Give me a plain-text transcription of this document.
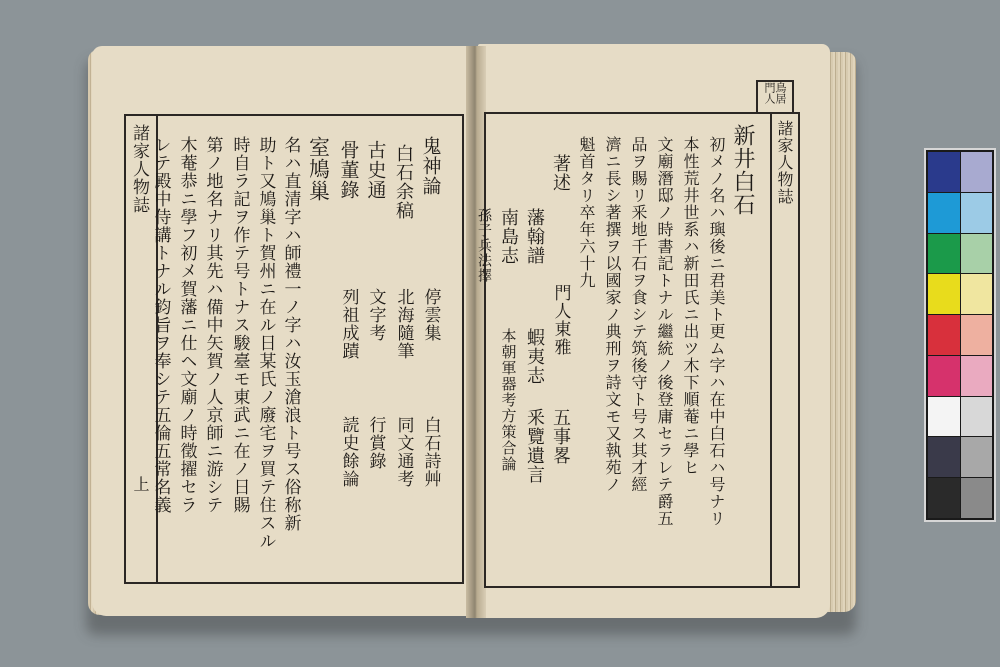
諸家人物誌
上
諸家人物誌
鳥居門人
鬼神論
白石余稿
古史通
骨董錄
室鳩巢
名ハ直清字ハ師禮一ノ字ハ汝玉滄浪ト号ス俗称新
助ト又鳩巢ト賀州ニ在ル日某氏ノ廢宅ヲ買テ住スル
時自ラ記ヲ作テ号トナス駿臺モ東武ニ在ノ日賜
第ノ地名ナリ其先ハ備中矢賀ノ人京師ニ游シテ
木菴恭ニ學フ初メ賀藩ニ仕ヘ文廟ノ時徵擢セラ
レテ殿中侍講トナル鈞旨ヲ奉シテ五倫五常名義	停雲集
北海隨筆
文字考
列祖成蹟
白石詩艸
同文通考
行賞錄
読史餘論
新井白石
初メノ名ハ璵後ニ君美ト更ム字ハ在中白石ハ号ナリ
本性荒井世系ハ新田氏ニ出ツ木下順菴ニ學ヒ
文廟潛邸ノ時書記トナル繼統ノ後登庸セラレテ爵五
品ヲ賜リ釆地千石ヲ食シテ筑後守ト号ス其才經
濟ニ長シ著撰ヲ以國家ノ典刑ヲ詩文モ又執苑ノ
魁首タリ卒年六十九
著述
藩翰譜
南島志
孫子兵法擇
門人東雅
蝦夷志
本朝軍器考
五事畧
釆覽遺言
方策合論
